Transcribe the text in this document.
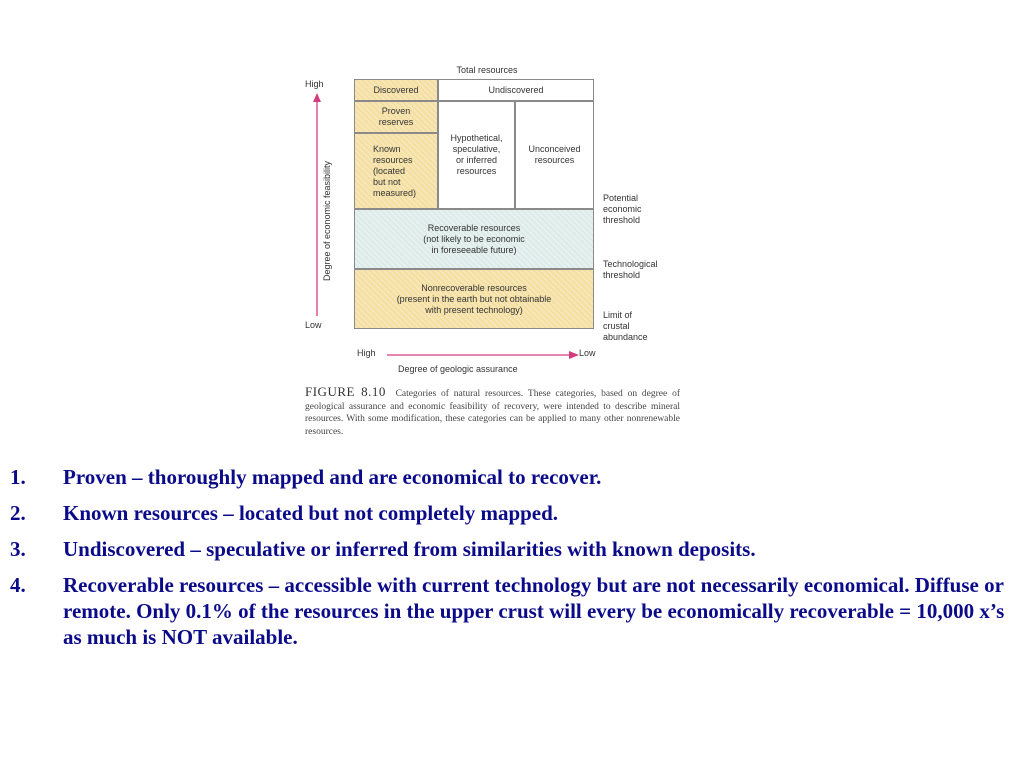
Total resources
High
Low
Degree of economic feasibility
Discovered	Undiscovered
Proven
reserves
Known
resources
(located
but not
measured)
Hypothetical,
speculative,
or inferred
resources
Unconceived
resources
Recoverable resources
(not likely to be economic
in foreseeable future)
Nonrecoverable resources
(present in the earth but not obtainable
with present technology)
Potential
economic
threshold
Technological
threshold
Limit of
crustal
abundance
High	Low
Degree of geologic assurance
FIGURE 8.10 Categories of natural resources. These categories, based on degree of geological assurance and economic feasibility of recovery, were intended to describe mineral resources. With some modification, these categories can be applied to many other nonrenewable resources.
1. Proven – thoroughly mapped and are economical to recover.
2. Known resources – located but not completely mapped.
3. Undiscovered – speculative or inferred from similarities with known deposits.
4. Recoverable resources – accessible with current technology but are not necessarily economical. Diffuse or remote. Only 0.1% of the resources in the upper crust will every be economically recoverable = 10,000 x’s as much is NOT available.
